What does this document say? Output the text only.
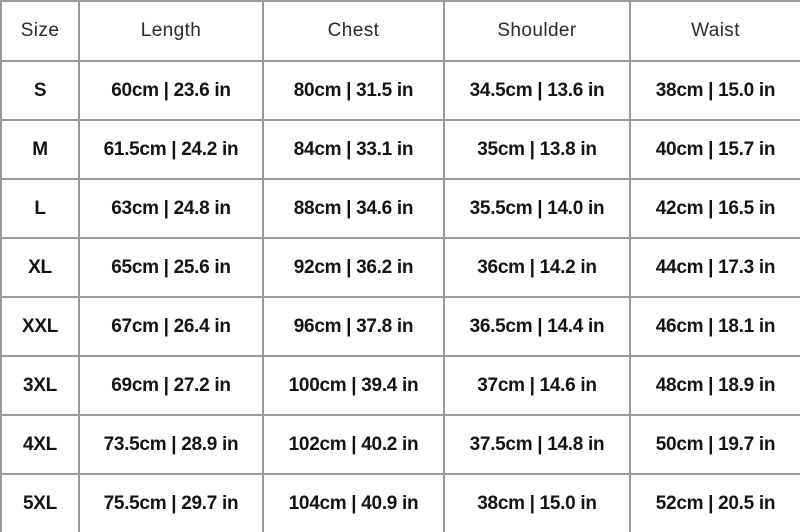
Size	Length	Chest	Shoulder	Waist
S	60cm | 23.6 in	80cm | 31.5 in	34.5cm | 13.6 in	38cm | 15.0 in
M	61.5cm | 24.2 in	84cm | 33.1 in	35cm | 13.8 in	40cm | 15.7 in
L	63cm | 24.8 in	88cm | 34.6 in	35.5cm | 14.0 in	42cm | 16.5 in
XL	65cm | 25.6 in	92cm | 36.2 in	36cm | 14.2 in	44cm | 17.3 in
XXL	67cm | 26.4 in	96cm | 37.8 in	36.5cm | 14.4 in	46cm | 18.1 in
3XL	69cm | 27.2 in	100cm | 39.4 in	37cm | 14.6 in	48cm | 18.9 in
4XL	73.5cm | 28.9 in	102cm | 40.2 in	37.5cm | 14.8 in	50cm | 19.7 in
5XL	75.5cm | 29.7 in	104cm | 40.9 in	38cm | 15.0 in	52cm | 20.5 in
